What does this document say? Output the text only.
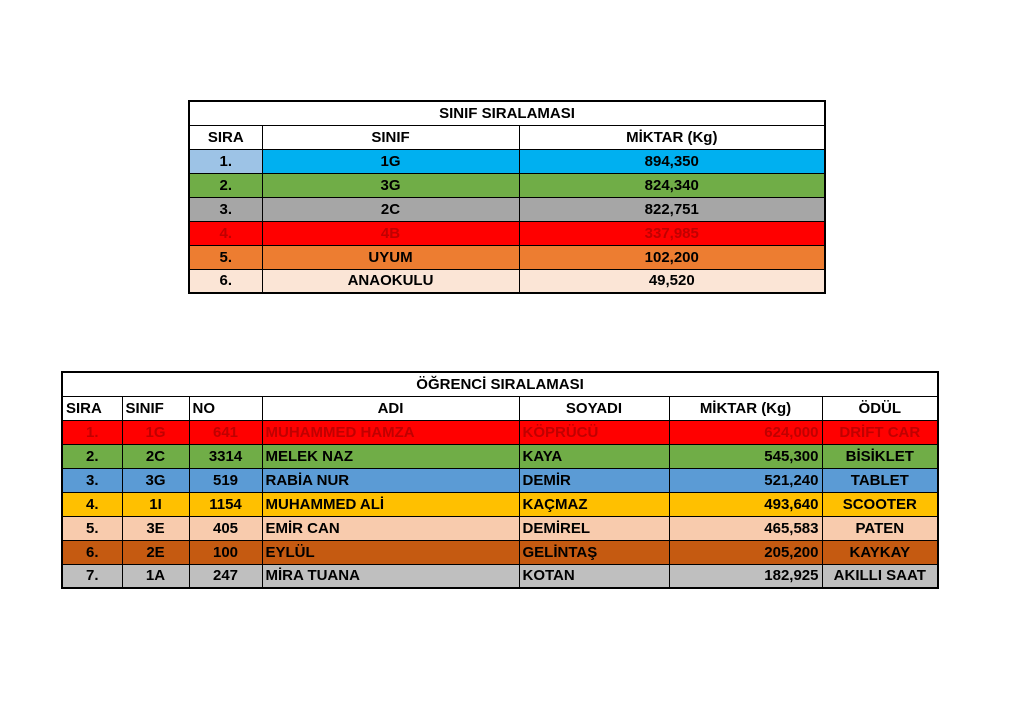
SINIF SIRALAMASI		
SIRA	SINIF	MİKTAR (Kg)
1.	1G	894,350
2.	3G	824,340
3.	2C	822,751
4.	4B	337,985
5.	UYUM	102,200
6.	ANAOKULU	49,520
ÖĞRENCİ SIRALAMASI						
SIRA	SINIF	NO	ADI	SOYADI	MİKTAR (Kg)	ÖDÜL
1.	1G	641	MUHAMMED HAMZA	KÖPRÜCÜ	624,000	DRİFT CAR
2.	2C	3314	MELEK NAZ	KAYA	545,300	BİSİKLET
3.	3G	519	RABİA NUR	DEMİR	521,240	TABLET
4.	1I	1154	MUHAMMED ALİ	KAÇMAZ	493,640	SCOOTER
5.	3E	405	EMİR CAN	DEMİREL	465,583	PATEN
6.	2E	100	EYLÜL	GELİNTAŞ	205,200	KAYKAY
7.	1A	247	MİRA TUANA	KOTAN	182,925	AKILLI SAAT
